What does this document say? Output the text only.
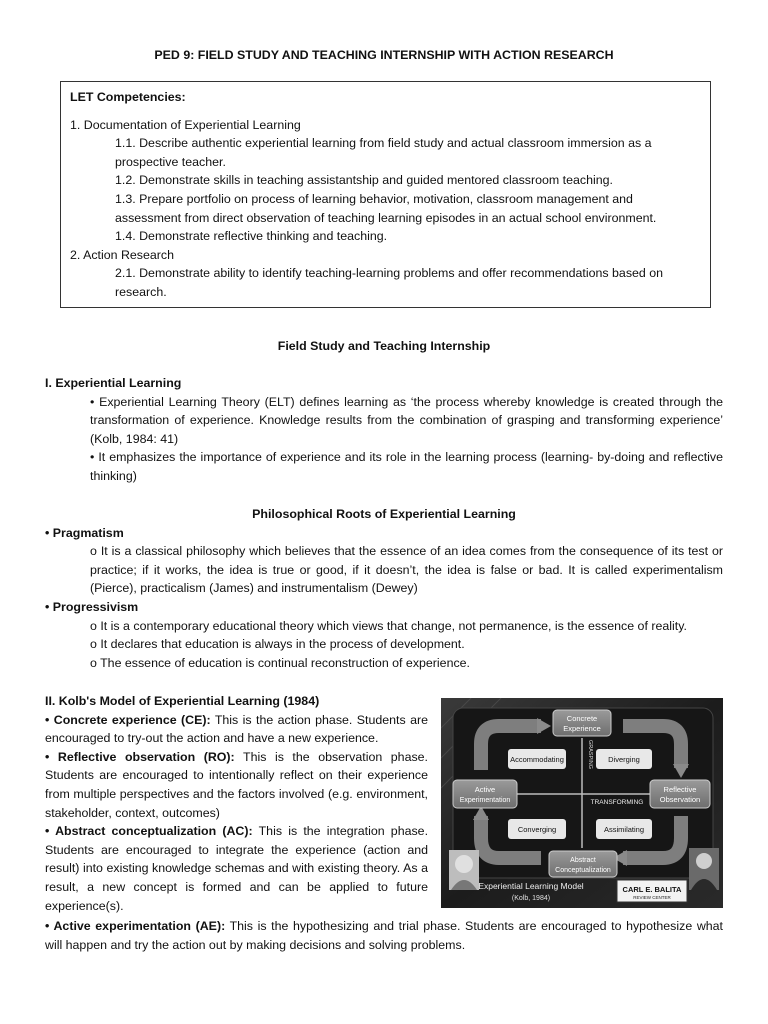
PED 9: FIELD STUDY AND TEACHING INTERNSHIP WITH ACTION RESEARCH
LET Competencies:
1. Documentation of Experiential Learning
1.1. Describe authentic experiential learning from field study and actual classroom immersion as a prospective teacher.
1.2. Demonstrate skills in teaching assistantship and guided mentored classroom teaching.
1.3. Prepare portfolio on process of learning behavior, motivation, classroom management and assessment from direct observation of teaching learning episodes in an actual school environment.
1.4. Demonstrate reflective thinking and teaching.
2. Action Research
2.1. Demonstrate ability to identify teaching-learning problems and offer recommendations based on research.
Field Study and Teaching Internship
I. Experiential Learning
• Experiential Learning Theory (ELT) defines learning as ‘the process whereby knowledge is created through the transformation of experience. Knowledge results from the combination of grasping and transforming experience’ (Kolb, 1984: 41)
• It emphasizes the importance of experience and its role in the learning process (learning- by-doing and reflective thinking)
Philosophical Roots of Experiential Learning
• Pragmatism
o It is a classical philosophy which believes that the essence of an idea comes from the consequence of its test or practice; if it works, the idea is true or good, if it doesn’t, the idea is false or bad. It is called experimentalism (Pierce), practicalism (James) and instrumentalism (Dewey)
• Progressivism
o It is a contemporary educational theory which views that change, not permanence, is the essence of reality.
o It declares that education is always in the process of development.
o The essence of education is continual reconstruction of experience.

II. Kolb's Model of Experiential Learning (1984)

• Concrete experience (CE): This is the action phase. Students are encouraged to try-out the action and have a new experience.

• Reflective observation (RO): This is the observation phase. Students are encouraged to intentionally reflect on their experience from multiple perspectives and the factors involved (e.g. environment, stakeholder, context, outcomes)

• Abstract conceptualization (AC): This is the integration phase. Students are encouraged to integrate the experience (action and result) into existing knowledge schemas and with existing theory. As a result, a new concept is formed and can be applied to future experience(s).

• Active experimentation (AE): This is the hypothesizing and trial phase. Students are encouraged to hypothesize what will happen and try the action out by making decisions and solving problems.
Accommodating	Diverging
Converging	Assimilating
Concrete
Experience
Reflective
Observation
Abstract
Conceptualization
Active
Experimentation
GRASPING
TRANSFORMING
Experiential Learning Model
(Kolb, 1984)
CARL E. BALITA
REVIEW CENTER
